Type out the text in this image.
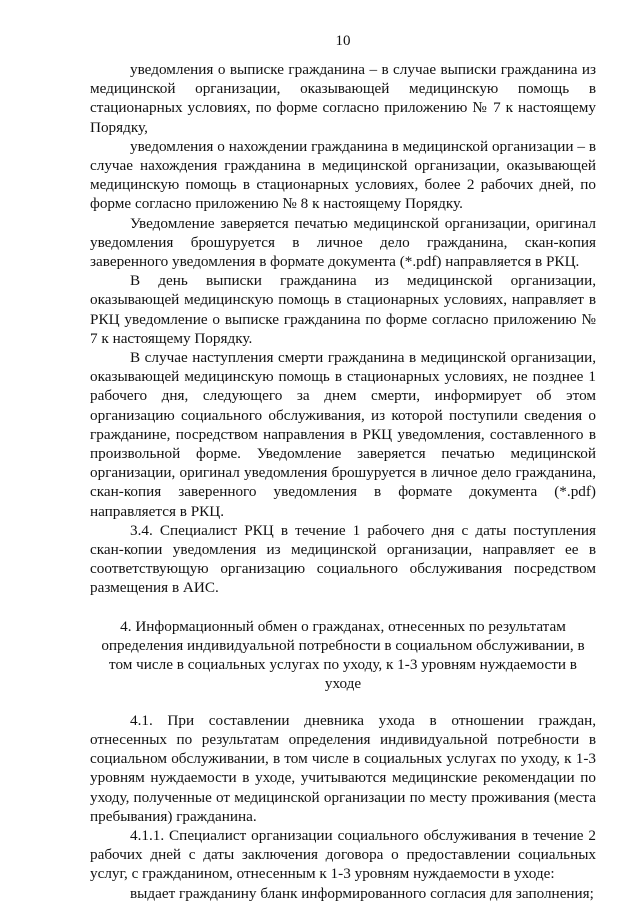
10

уведомления о выписке гражданина – в случае выписки гражданина из медицинской организации, оказывающей медицинскую помощь в стационарных условиях, по форме согласно приложению № 7 к настоящему Порядку,

уведомления о нахождении гражданина в медицинской организации – в случае нахождения гражданина в медицинской организации, оказывающей медицинскую помощь в стационарных условиях, более 2 рабочих дней, по форме согласно приложению № 8 к настоящему Порядку.

Уведомление заверяется печатью медицинской организации, оригинал уведомления брошуруется в личное дело гражданина, скан-копия заверенного уведомления в формате документа (*.pdf) направляется в РКЦ.

В день выписки гражданина из медицинской организации, оказывающей медицинскую помощь в стационарных условиях, направляет в РКЦ уведомление о выписке гражданина по форме согласно приложению № 7 к настоящему Порядку.

В случае наступления смерти гражданина в медицинской организации, оказывающей медицинскую помощь в стационарных условиях, не позднее 1 рабочего дня, следующего за днем смерти, информирует об этом организацию социального обслуживания, из которой поступили сведения о гражданине, посредством направления в РКЦ уведомления, составленного в произвольной форме. Уведомление заверяется печатью медицинской организации, оригинал уведомления брошуруется в личное дело гражданина, скан-копия заверенного уведомления в формате документа (*.pdf) направляется в РКЦ.

3.4. Специалист РКЦ в течение 1 рабочего дня с даты поступления скан-копии уведомления из медицинской организации, направляет ее в соответствующую организацию социального обслуживания посредством размещения в АИС.

4. Информационный обмен о гражданах, отнесенных по результатам определения индивидуальной потребности в социальном обслуживании, в том числе в социальных услугах по уходу, к 1-3 уровням нуждаемости в уходе

4.1. При составлении дневника ухода в отношении граждан, отнесенных по результатам определения индивидуальной потребности в социальном обслуживании, в том числе в социальных услугах по уходу, к 1-3 уровням нуждаемости в уходе, учитываются медицинские рекомендации по уходу, полученные от медицинской организации по месту проживания (места пребывания) гражданина.

4.1.1. Специалист организации социального обслуживания в течение 2 рабочих дней с даты заключения договора о предоставлении социальных услуг, с гражданином, отнесенным к 1-3 уровням нуждаемости в уходе:

выдает гражданину бланк информированного согласия для заполнения;
